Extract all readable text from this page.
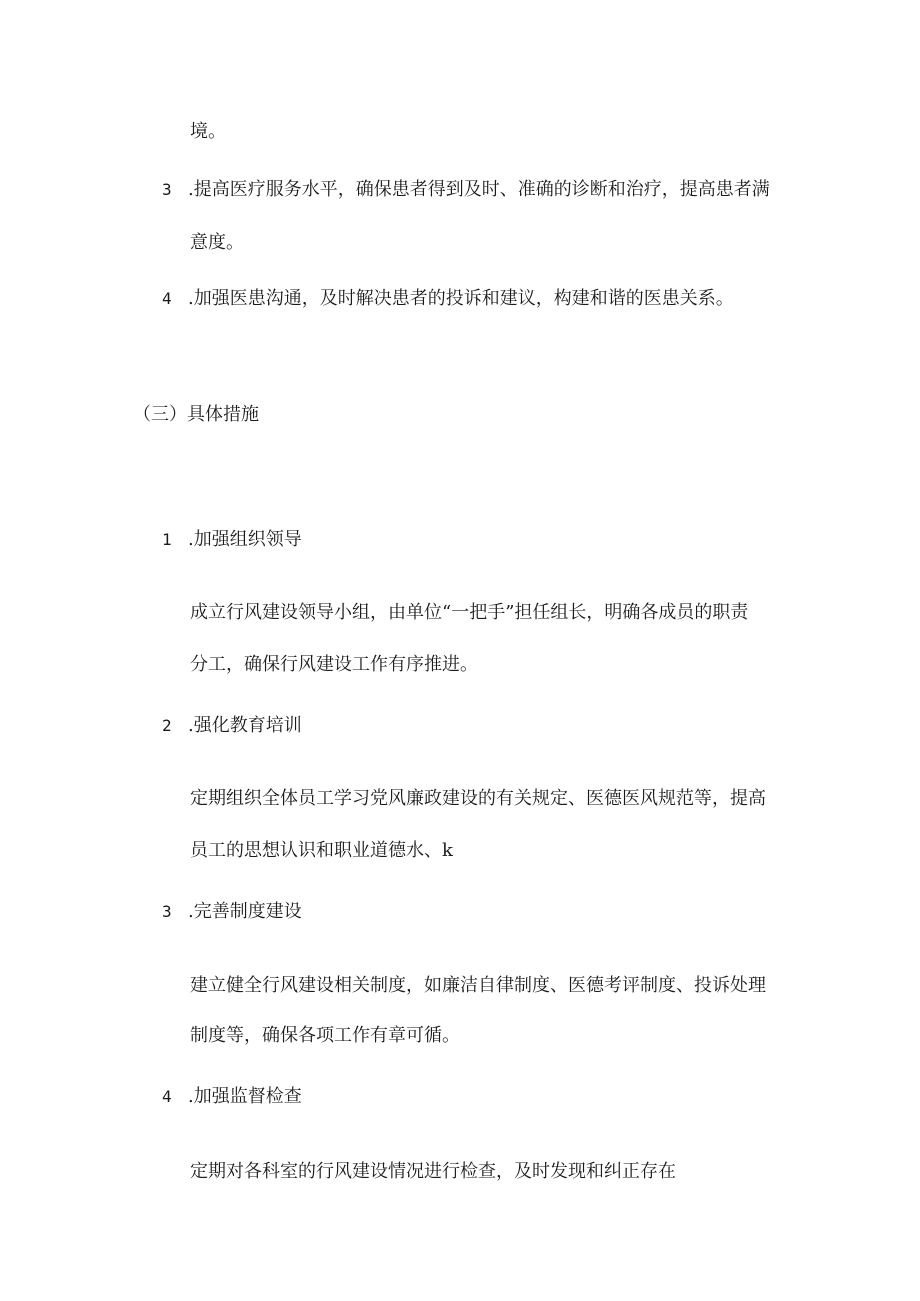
境。
3 .提高医疗服务水平，确保患者得到及时、准确的诊断和治疗，提高患者满
意度。
4 .加强医患沟通，及时解决患者的投诉和建议，构建和谐的医患关系。
（三）具体措施
1 .加强组织领导
成立行风建设领导小组，由单位“一把手”担任组长，明确各成员的职责
分工，确保行风建设工作有序推进。
2 .强化教育培训
定期组织全体员工学习党风廉政建设的有关规定、医德医风规范等，提高
员工的思想认识和职业道德水、k
3 .完善制度建设
建立健全行风建设相关制度，如廉洁自律制度、医德考评制度、投诉处理
制度等，确保各项工作有章可循。
4 .加强监督检查
定期对各科室的行风建设情况进行检查，及时发现和纠正存在
